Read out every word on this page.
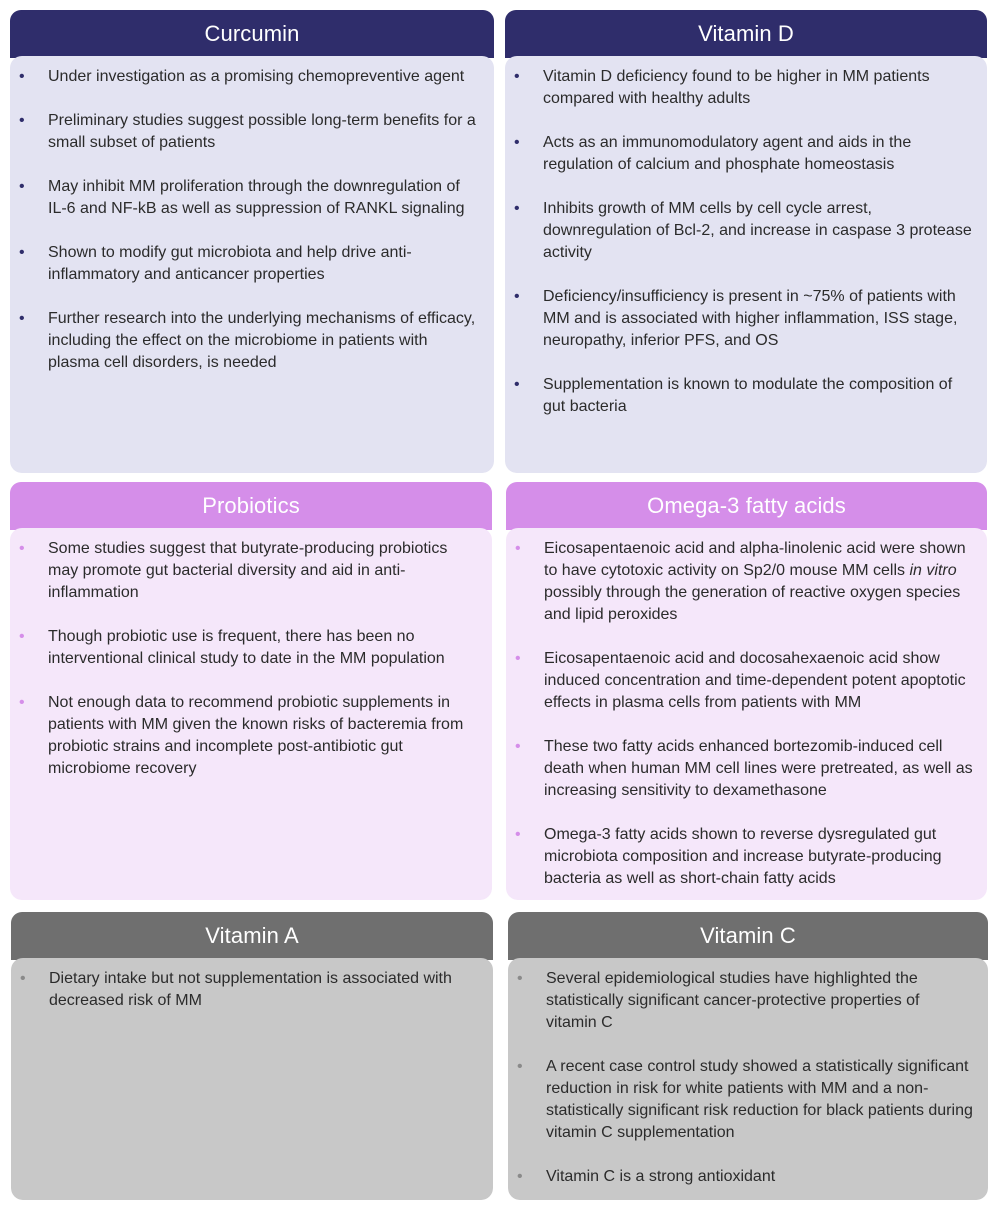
Curcumin
• Under investigation as a promising chemopreventive agent
• Preliminary studies suggest possible long-term benefits for a small subset of patients
• May inhibit MM proliferation through the downregulation of IL-6 and NF-kB as well as suppression of RANKL signaling
• Shown to modify gut microbiota and help drive anti-inflammatory and anticancer properties
• Further research into the underlying mechanisms of efficacy, including the effect on the microbiome in patients with plasma cell disorders, is needed
Vitamin D
• Vitamin D deficiency found to be higher in MM patients compared with healthy adults
• Acts as an immunomodulatory agent and aids in the regulation of calcium and phosphate homeostasis
• Inhibits growth of MM cells by cell cycle arrest, downregulation of Bcl-2, and increase in caspase 3 protease activity
• Deficiency/insufficiency is present in ~75% of patients with MM and is associated with higher inflammation, ISS stage, neuropathy, inferior PFS, and OS
• Supplementation is known to modulate the composition of gut bacteria
Probiotics
• Some studies suggest that butyrate-producing probiotics may promote gut bacterial diversity and aid in anti-inflammation
• Though probiotic use is frequent, there has been no interventional clinical study to date in the MM population
• Not enough data to recommend probiotic supplements in patients with MM given the known risks of bacteremia from probiotic strains and incomplete post-antibiotic gut microbiome recovery
Omega-3 fatty acids
• Eicosapentaenoic acid and alpha-linolenic acid were shown to have cytotoxic activity on Sp2/0 mouse MM cells in vitro possibly through the generation of reactive oxygen species and lipid peroxides
• Eicosapentaenoic acid and docosahexaenoic acid show induced concentration and time-dependent potent apoptotic effects in plasma cells from patients with MM
• These two fatty acids enhanced bortezomib-induced cell death when human MM cell lines were pretreated, as well as increasing sensitivity to dexamethasone
• Omega-3 fatty acids shown to reverse dysregulated gut microbiota composition and increase butyrate-producing bacteria as well as short-chain fatty acids
Vitamin A
• Dietary intake but not supplementation is associated with decreased risk of MM
Vitamin C
• Several epidemiological studies have highlighted the statistically significant cancer-protective properties of vitamin C
• A recent case control study showed a statistically significant reduction in risk for white patients with MM and a non-statistically significant risk reduction for black patients during vitamin C supplementation
• Vitamin C is a strong antioxidant
